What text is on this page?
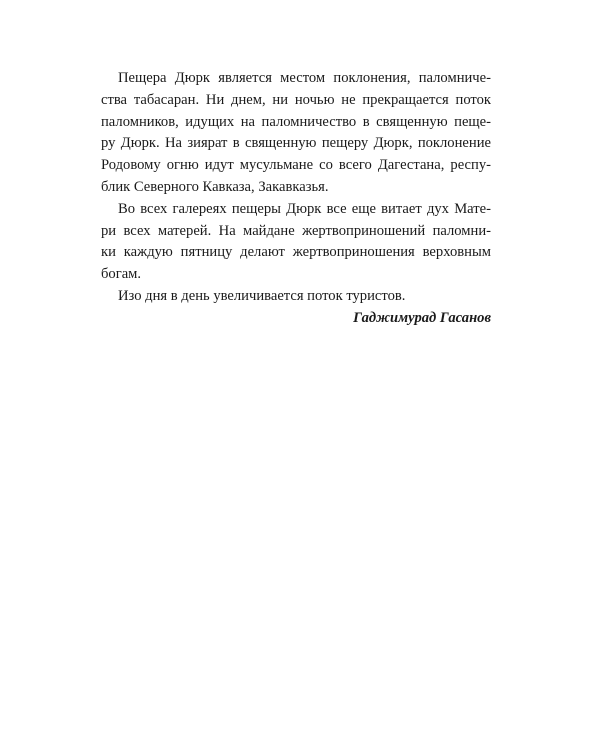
Пещера Дюрк является местом поклонения, паломниче-
ства табасаран. Ни днем, ни ночью не прекращается поток
паломников, идущих на паломничество в священную пеще-
ру Дюрк. На зиярат в священную пещеру Дюрк, поклонение
Родовому огню идут мусульмане со всего Дагестана, респу-
блик Северного Кавказа, Закавказья.
Во всех галереях пещеры Дюрк все еще витает дух Мате-
ри всех матерей. На майдане жертвоприношений паломни-
ки каждую пятницу делают жертвоприношения верховным
богам.
Изо дня в день увеличивается поток туристов.
Гаджимурад Гасанов
